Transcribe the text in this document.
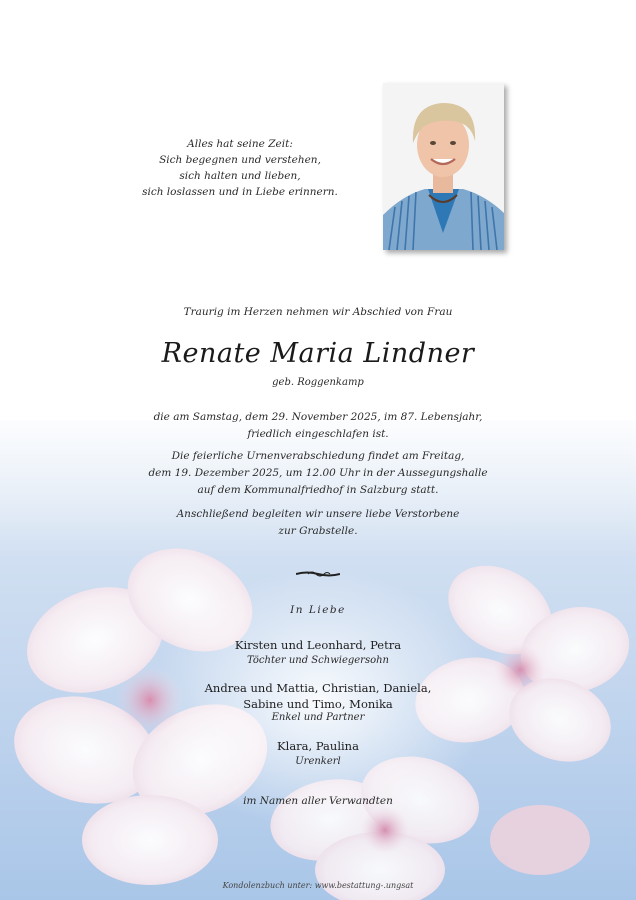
Alles hat seine Zeit:
Sich begegnen und verstehen,
sich halten und lieben,
sich loslassen und in Liebe erinnern.
Traurig im Herzen nehmen wir Abschied von Frau
Renate Maria Lindner
geb. Roggenkamp
die am Samstag, dem 29. November 2025, im 87. Lebensjahr,
friedlich eingeschlafen ist.
Die feierliche Urnenverabschiedung findet am Freitag,
dem 19. Dezember 2025, um 12.00 Uhr in der Aussegungshalle
auf dem Kommunalfriedhof in Salzburg statt.
Anschließend begleiten wir unsere liebe Verstorbene
zur Grabstelle.
In Liebe
Kirsten und Leonhard, Petra
Töchter und Schwiegersohn
Andrea und Mattia, Christian, Daniela,
Sabine und Timo, Monika
Enkel und Partner
Klara, Paulina
Urenkerl
im Namen aller Verwandten
Kondolenzbuch unter: www.bestattung-.ungsat
